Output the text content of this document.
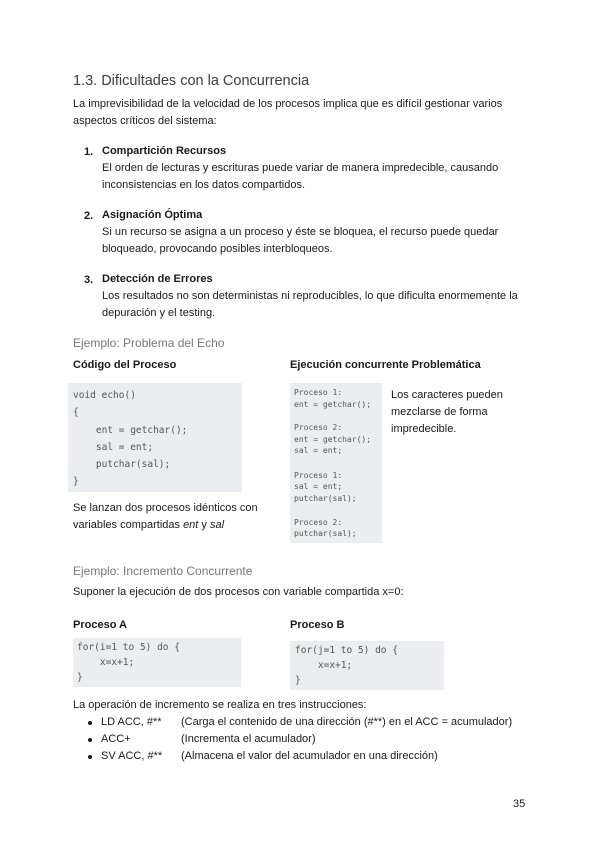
1.3. Dificultades con la Concurrencia
La imprevisibilidad de la velocidad de los procesos implica que es difícil gestionar varios
aspectos críticos del sistema:
1. Compartición Recursos
El orden de lecturas y escrituras puede variar de manera impredecible, causando
inconsistencias en los datos compartidos.
2. Asignación Óptima
Si un recurso se asigna a un proceso y éste se bloquea, el recurso puede quedar
bloqueado, provocando posibles interbloqueos.
3. Detección de Errores
Los resultados no son deterministas ni reproducibles, lo que dificulta enormemente la
depuración y el testing.
Ejemplo: Problema del Echo
Código del Proceso

void echo()

{

ent = getchar();

sal = ent;

putchar(sal);

}

Se lanzan dos procesos idénticos con
variables compartidas ent y sal
Ejecución concurrente Problemática

Proceso 1:

ent = getchar();

Proceso 2:

ent = getchar();

sal = ent;

Proceso 1:

sal = ent;

putchar(sal);

Proceso 2:

putchar(sal);

Los caracteres pueden
mezclarse de forma
impredecible.
Ejemplo: Incremento Concurrente
Suponer la ejecución de dos procesos con variable compartida x=0:
Proceso A

for(i=1 to 5) do {

x=x+1;

}

Proceso B

for(j=1 to 5) do {

x=x+1;

}

La operación de incremento se realiza en tres instrucciones:
LD ACC, #** (Carga el contenido de una dirección (#**) en el ACC = acumulador)
ACC+	(Incrementa el acumulador)
SV ACC, #** (Almacena el valor del acumulador en una dirección)
35
